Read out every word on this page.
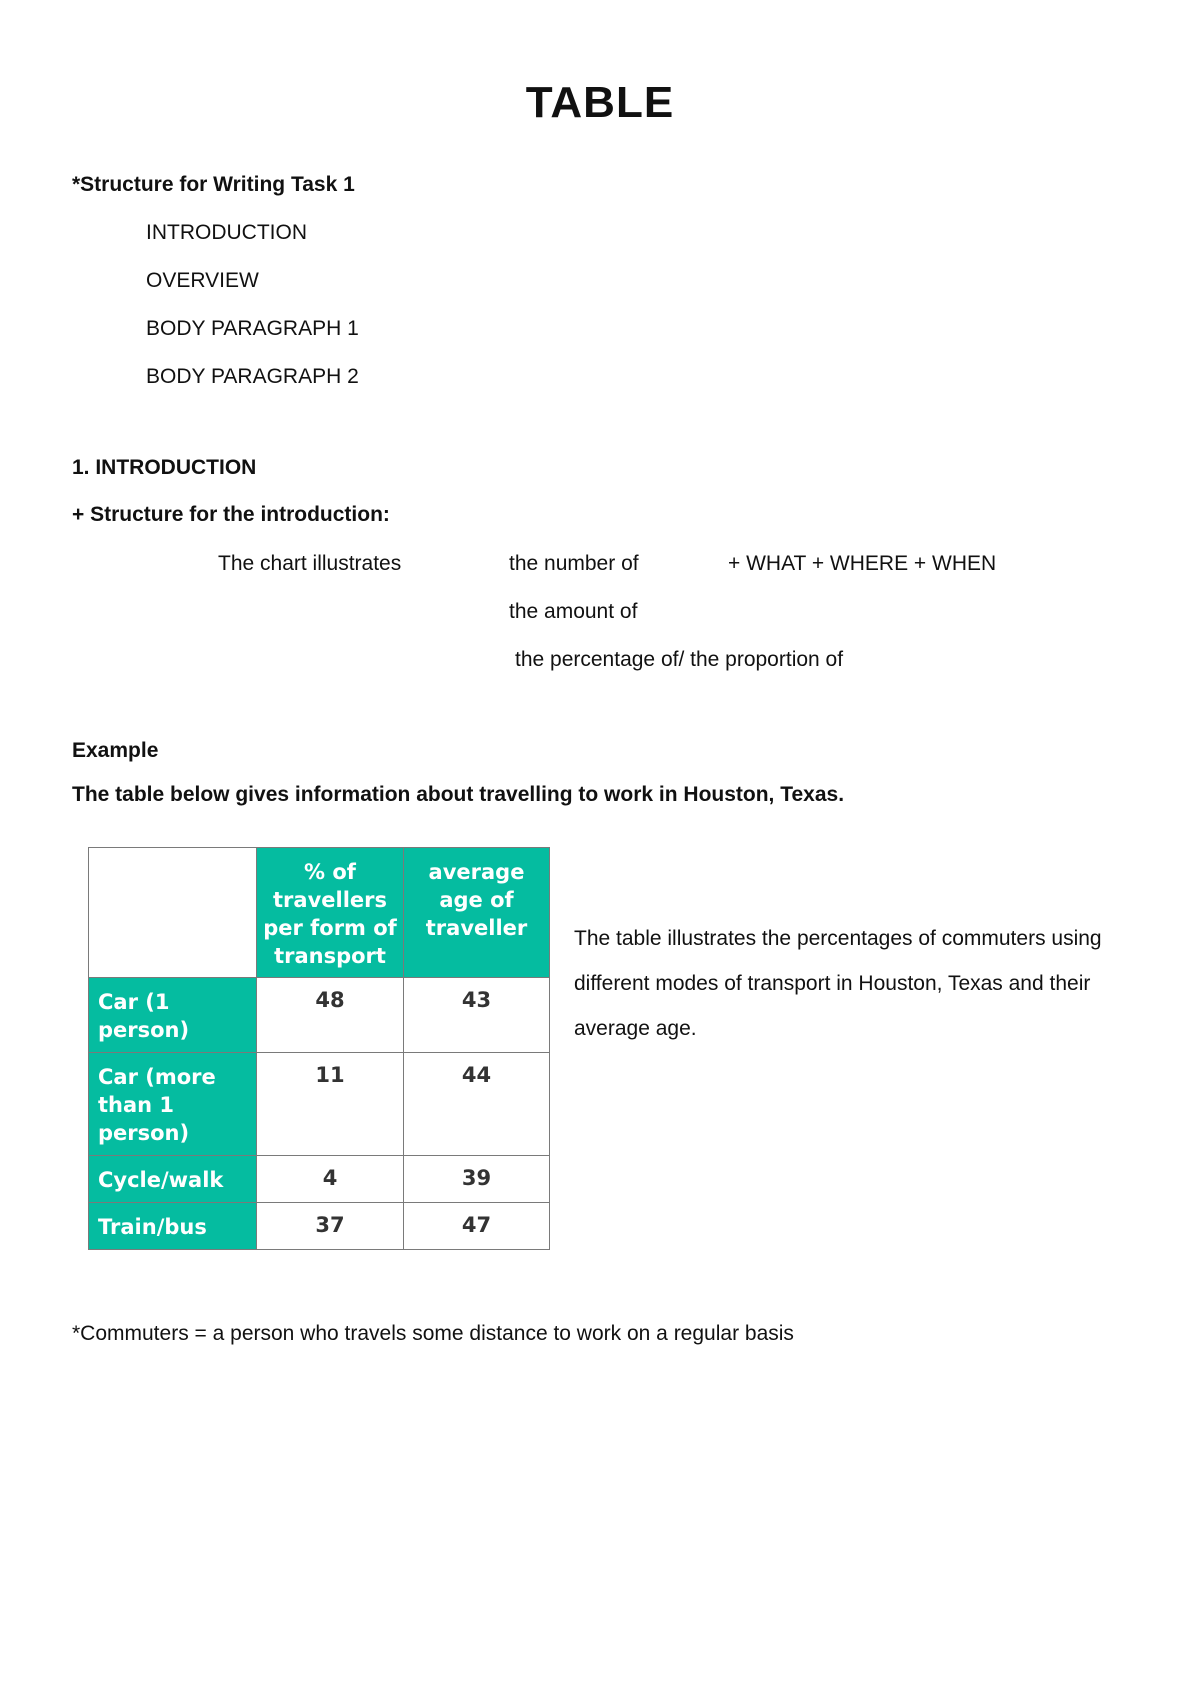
TABLE
*Structure for Writing Task 1
INTRODUCTION
OVERVIEW
BODY PARAGRAPH 1
BODY PARAGRAPH 2
1. INTRODUCTION
+ Structure for the introduction:
The chart illustrates	the number of	+ WHAT + WHERE + WHEN
the amount of
the percentage of/ the proportion of
Example
The table below gives information about travelling to work in Houston, Texas.
	% of travellers per form of transport	average age of traveller
Car (1 person)	48	43
Car (more than 1 person)	11	44
Cycle/walk	4	39
Train/bus	37	47
The table illustrates the percentages of commuters using different modes of transport in Houston, Texas and their average age.
*Commuters = a person who travels some distance to work on a regular basis
